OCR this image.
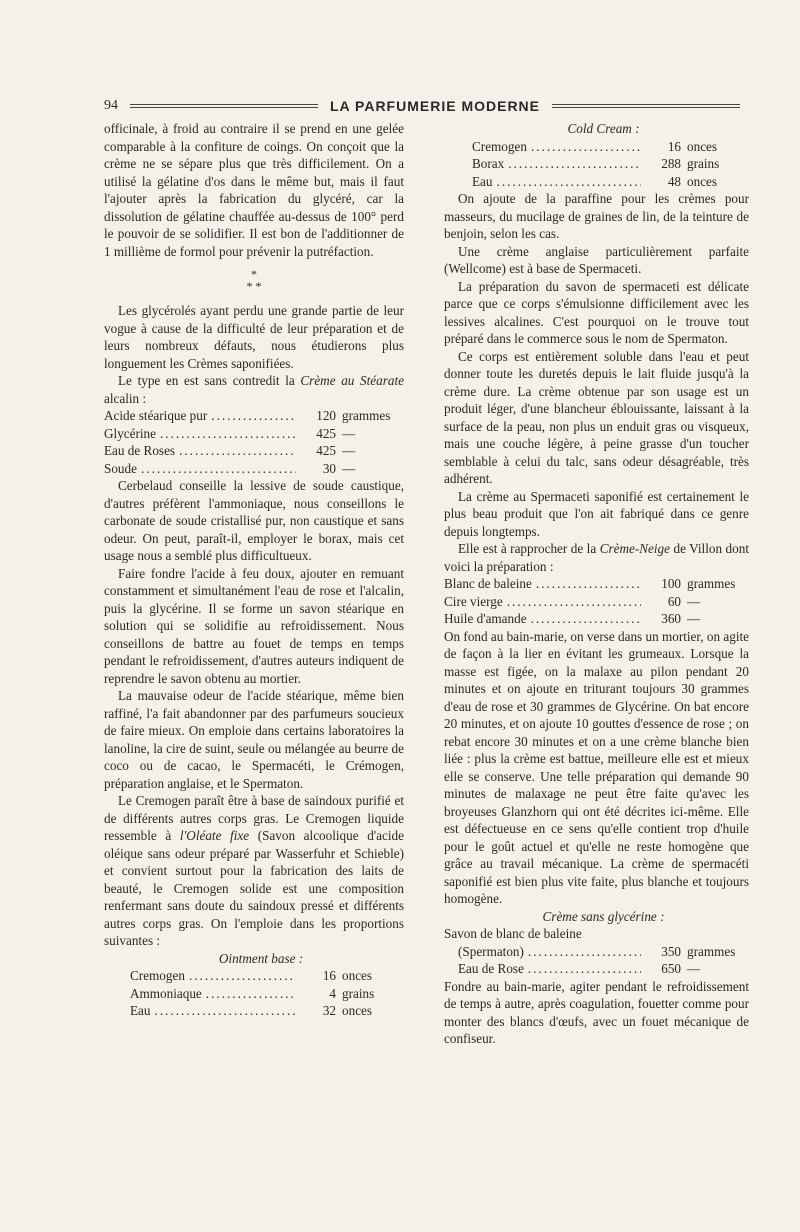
94	LA PARFUMERIE MODERNE

officinale, à froid au contraire il se prend en une gelée comparable à la confiture de coings. On conçoit que la crème ne se sépare plus que très difficilement. On a utilisé la gélatine d'os dans le même but, mais il faut l'ajouter après la fabrication du glycéré, car la dissolution de gélatine chauffée au-dessus de 100° perd le pouvoir de se solidifier. Il est bon de l'additionner de 1 millième de formol pour prévenir la putréfaction.

*
* *

Les glycérolés ayant perdu une grande partie de leur vogue à cause de la difficulté de leur préparation et de leurs nombreux défauts, nous étudierons plus longuement les Crèmes saponifiées.

Le type en est sans contredit la Crème au Stéarate alcalin :

Acide stéarique pur .....	120 grammes
Glycérine .....	425 —
Eau de Roses .....	425 —
Soude .....	30 —

Cerbelaud conseille la lessive de soude caustique, d'autres préfèrent l'ammoniaque, nous conseillons le carbonate de soude cristallisé pur, non caustique et sans odeur. On peut, paraît-il, employer le borax, mais cet usage nous a semblé plus difficultueux.

Faire fondre l'acide à feu doux, ajouter en remuant constamment et simultanément l'eau de rose et l'alcalin, puis la glycérine. Il se forme un savon stéarique en solution qui se solidifie au refroidissement. Nous conseillons de battre au fouet de temps en temps pendant le refroidissement, d'autres auteurs indiquent de reprendre le savon obtenu au mortier.

La mauvaise odeur de l'acide stéarique, même bien raffiné, l'a fait abandonner par des parfumeurs soucieux de faire mieux. On emploie dans certains laboratoires la lanoline, la cire de suint, seule ou mélangée au beurre de coco ou de cacao, le Spermacéti, le Crémogen, préparation anglaise, et le Spermaton.

Le Cremogen paraît être à base de saindoux purifié et de différents autres corps gras. Le Cremogen liquide ressemble à l'Oléate fixe (Savon alcoolique d'acide oléique sans odeur préparé par Wasserfuhr et Schieble) et convient surtout pour la fabrication des laits de beauté, le Cremogen solide est une composition renfermant sans doute du saindoux pressé et différents autres corps gras. On l'emploie dans les proportions suivantes :

Ointment base :

Cremogen .....	16 onces
Ammoniaque .....	4 grains
Eau .....	32 onces

Cold Cream :

Cremogen .....	16 onces
Borax .....	288 grains
Eau .....	48 onces

On ajoute de la paraffine pour les crèmes pour masseurs, du mucilage de graines de lin, de la teinture de benjoin, selon les cas.

Une crème anglaise particulièrement parfaite (Wellcome) est à base de Spermaceti.

La préparation du savon de spermaceti est délicate parce que ce corps s'émulsionne difficilement avec les lessives alcalines. C'est pourquoi on le trouve tout préparé dans le commerce sous le nom de Spermaton.

Ce corps est entièrement soluble dans l'eau et peut donner toute les duretés depuis le lait fluide jusqu'à la crème dure. La crème obtenue par son usage est un produit léger, d'une blancheur éblouissante, laissant à la surface de la peau, non plus un enduit gras ou visqueux, mais une couche légère, à peine grasse d'un toucher semblable à celui du talc, sans odeur désagréable, très adhérent.

La crème au Spermaceti saponifié est certainement le plus beau produit que l'on ait fabriqué dans ce genre depuis longtemps.

Elle est à rapprocher de la Crème-Neige de Villon dont voici la préparation :

Blanc de baleine .....	100 grammes
Cire vierge .....	60 —
Huile d'amande .....	360 —

On fond au bain-marie, on verse dans un mortier, on agite de façon à la lier en évitant les grumeaux. Lorsque la masse est figée, on la malaxe au pilon pendant 20 minutes et on ajoute en triturant toujours 30 grammes d'eau de rose et 30 grammes de Glycérine. On bat encore 20 minutes, et on ajoute 10 gouttes d'essence de rose ; on rebat encore 30 minutes et on a une crème blanche bien liée : plus la crème est battue, meilleure elle est et mieux elle se conserve. Une telle préparation qui demande 90 minutes de malaxage ne peut être faite qu'avec les broyeuses Glanzhorn qui ont été décrites ici-même. Elle est défectueuse en ce sens qu'elle contient trop d'huile pour le goût actuel et qu'elle ne reste homogène que grâce au travail mécanique. La crème de spermacéti saponifié est bien plus vite faite, plus blanche et toujours homogène.

Crème sans glycérine :

Savon de blanc de baleine
(Spermaton) .....	350 grammes
Eau de Rose .....	650 —

Fondre au bain-marie, agiter pendant le refroidissement de temps à autre, après coagulation, fouetter comme pour monter des blancs d'œufs, avec un fouet mécanique de confiseur.
